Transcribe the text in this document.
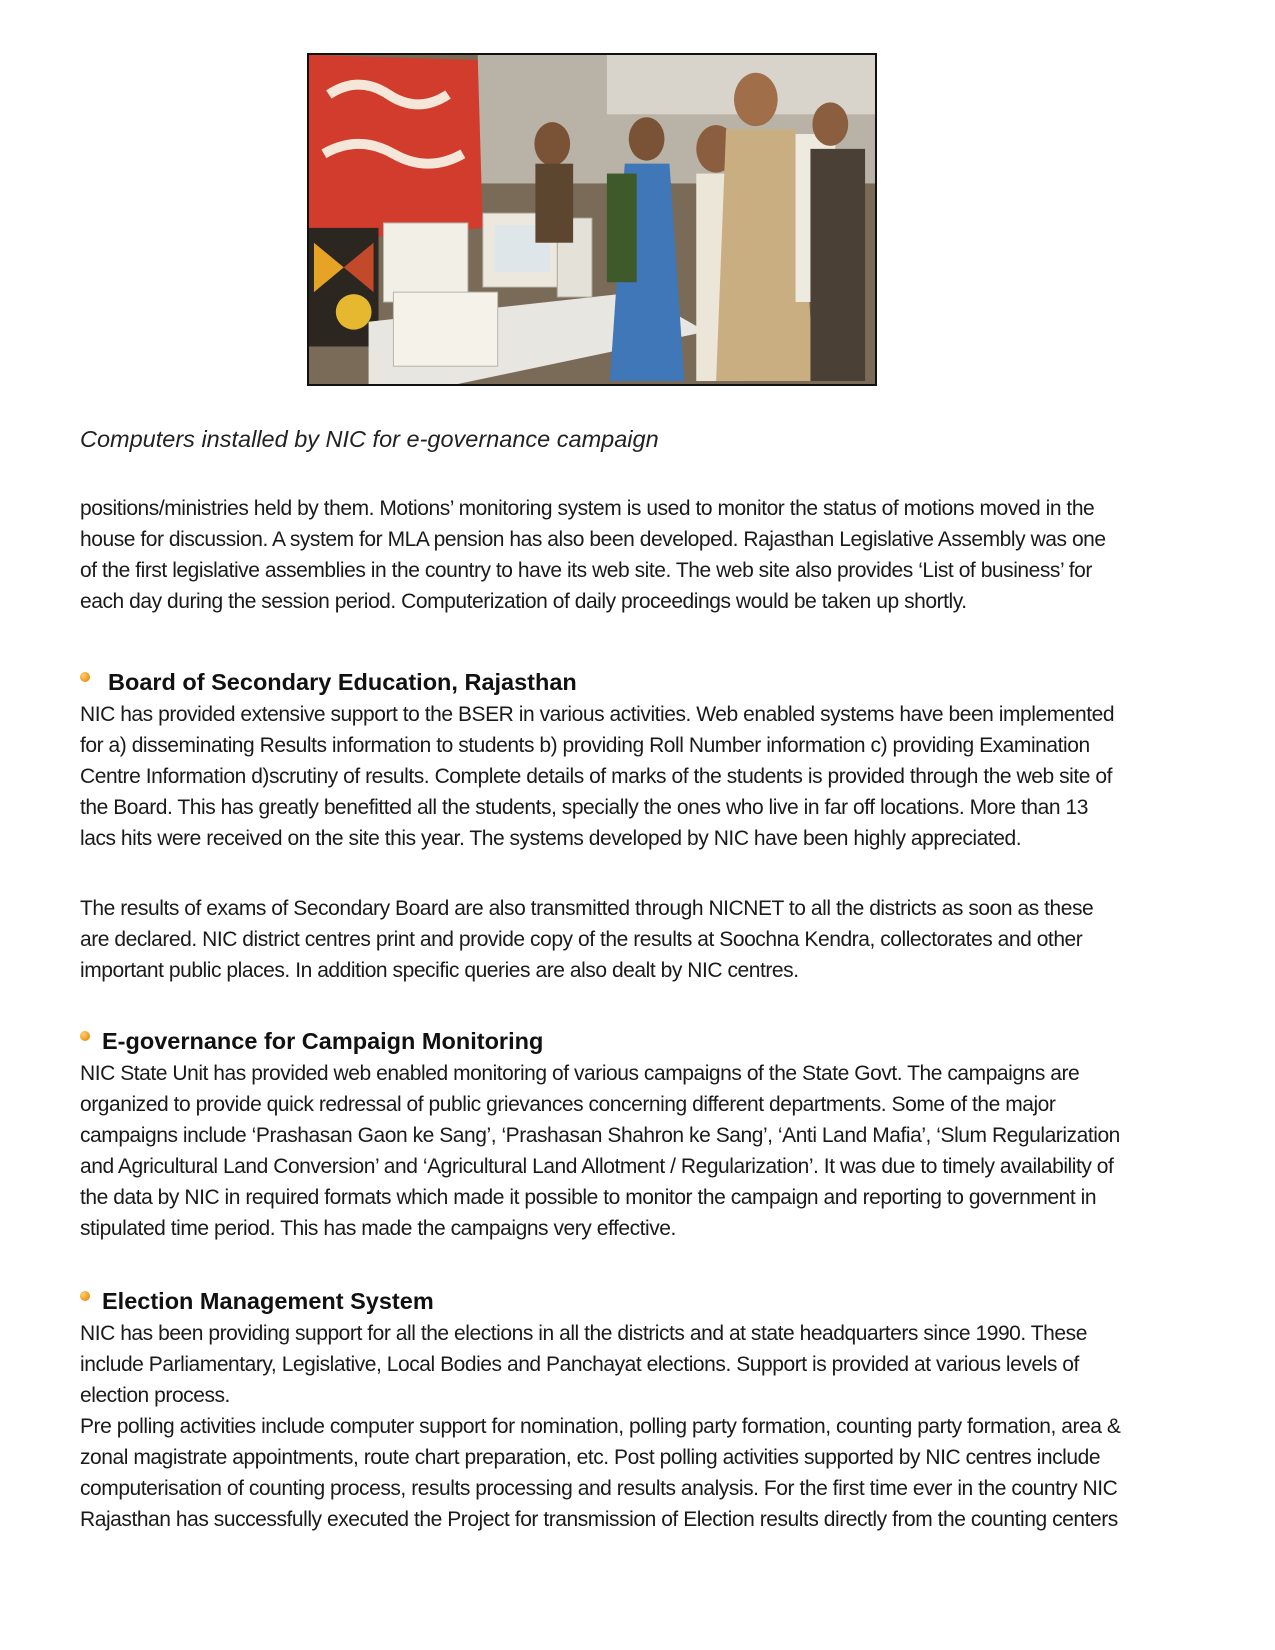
Computers installed by NIC for e-governance campaign

positions/ministries held by them. Motions’ monitoring system is used to monitor the status of motions moved in the
house for discussion. A system for MLA pension has also been developed. Rajasthan Legislative Assembly was one
of the first legislative assemblies in the country to have its web site. The web site also provides ‘List of business’ for
each day during the session period. Computerization of daily proceedings would be taken up shortly.

Board of Secondary Education, Rajasthan

NIC has provided extensive support to the BSER in various activities. Web enabled systems have been implemented
for a) disseminating Results information to students b) providing Roll Number information c) providing Examination
Centre Information d)scrutiny of results. Complete details of marks of the students is provided through the web site of
the Board. This has greatly benefitted all the students, specially the ones who live in far off locations. More than 13
lacs hits were received on the site this year. The systems developed by NIC have been highly appreciated.

The results of exams of Secondary Board are also transmitted through NICNET to all the districts as soon as these
are declared. NIC district centres print and provide copy of the results at Soochna Kendra, collectorates and other
important public places. In addition specific queries are also dealt by NIC centres.

E-governance for Campaign Monitoring

NIC State Unit has provided web enabled monitoring of various campaigns of the State Govt. The campaigns are
organized to provide quick redressal of public grievances concerning different departments. Some of the major
campaigns include ‘Prashasan Gaon ke Sang’, ‘Prashasan Shahron ke Sang’, ‘Anti Land Mafia’, ‘Slum Regularization
and Agricultural Land Conversion’ and ‘Agricultural Land Allotment / Regularization’. It was due to timely availability of
the data by NIC in required formats which made it possible to monitor the campaign and reporting to government in
stipulated time period. This has made the campaigns very effective.

Election Management System

NIC has been providing support for all the elections in all the districts and at state headquarters since 1990. These
include Parliamentary, Legislative, Local Bodies and Panchayat elections. Support is provided at various levels of
election process.
Pre polling activities include computer support for nomination, polling party formation, counting party formation, area &
zonal magistrate appointments, route chart preparation, etc. Post polling activities supported by NIC centres include
computerisation of counting process, results processing and results analysis. For the first time ever in the country NIC
Rajasthan has successfully executed the Project for transmission of Election results directly from the counting centers
